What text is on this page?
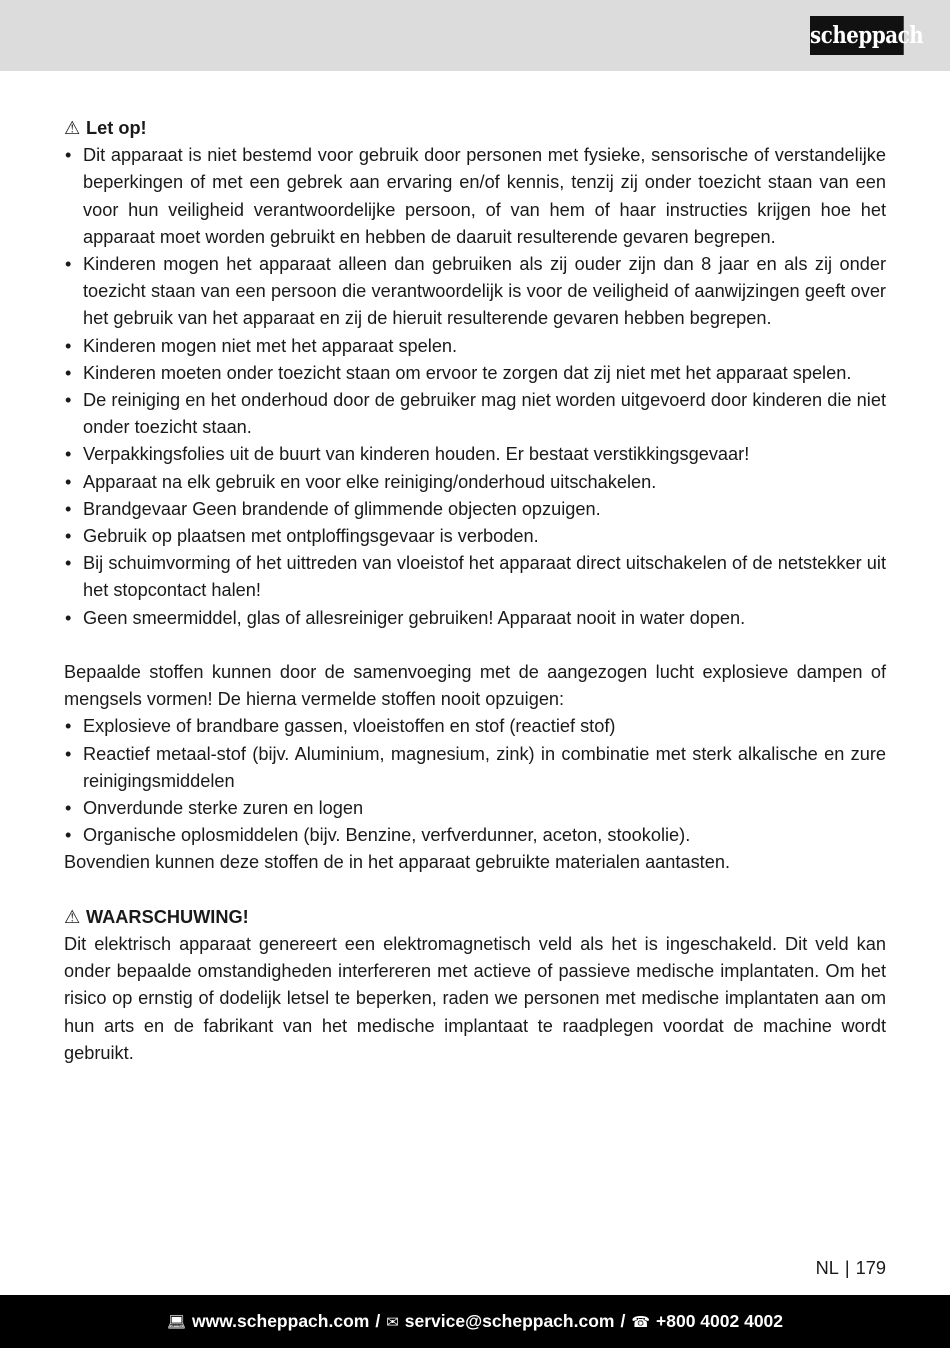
scheppach

⚠ Let op!

• Dit apparaat is niet bestemd voor gebruik door personen met fysieke, sensorische of verstandelijke beperkingen of met een gebrek aan ervaring en/of kennis, tenzij zij onder toezicht staan van een voor hun veiligheid verantwoordelijke persoon, of van hem of haar instructies krijgen hoe het apparaat moet worden gebruikt en hebben de daaruit resulterende gevaren begrepen.
• Kinderen mogen het apparaat alleen dan gebruiken als zij ouder zijn dan 8 jaar en als zij onder toezicht staan van een persoon die verantwoordelijk is voor de veiligheid of aanwijzingen geeft over het gebruik van het apparaat en zij de hieruit resulterende gevaren hebben begrepen.
• Kinderen mogen niet met het apparaat spelen.
• Kinderen moeten onder toezicht staan om ervoor te zorgen dat zij niet met het apparaat spelen.
• De reiniging en het onderhoud door de gebruiker mag niet worden uitgevoerd door kinderen die niet onder toezicht staan.
• Verpakkingsfolies uit de buurt van kinderen houden. Er bestaat verstikkingsgevaar!
• Apparaat na elk gebruik en voor elke reiniging/onderhoud uitschakelen.
• Brandgevaar Geen brandende of glimmende objecten opzuigen.
• Gebruik op plaatsen met ontploffingsgevaar is verboden.
• Bij schuimvorming of het uittreden van vloeistof het apparaat direct uitschakelen of de netstekker uit het stopcontact halen!
• Geen smeermiddel, glas of allesreiniger gebruiken! Apparaat nooit in water dopen.

Bepaalde stoffen kunnen door de samenvoeging met de aangezogen lucht explosieve dampen of mengsels vormen! De hierna vermelde stoffen nooit opzuigen:

• Explosieve of brandbare gassen, vloeistoffen en stof (reactief stof)
• Reactief metaal-stof (bijv. Aluminium, magnesium, zink) in combinatie met sterk alkalische en zure reinigingsmiddelen
• Onverdunde sterke zuren en logen
• Organische oplosmiddelen (bijv. Benzine, verfverdunner, aceton, stookolie).

Bovendien kunnen deze stoffen de in het apparaat gebruikte materialen aantasten.

⚠ WAARSCHUWING!

Dit elektrisch apparaat genereert een elektromagnetisch veld als het is ingeschakeld. Dit veld kan onder bepaalde omstandigheden interfereren met actieve of passieve medische implantaten. Om het risico op ernstig of dodelijk letsel te beperken, raden we personen met medische implantaten aan om hun arts en de fabrikant van het medische implantaat te raadplegen voordat de machine wordt gebruikt.

NL | 179
💻︎ www.scheppach.com / ✉︎ service@scheppach.com / ☎︎ +800 4002 4002
